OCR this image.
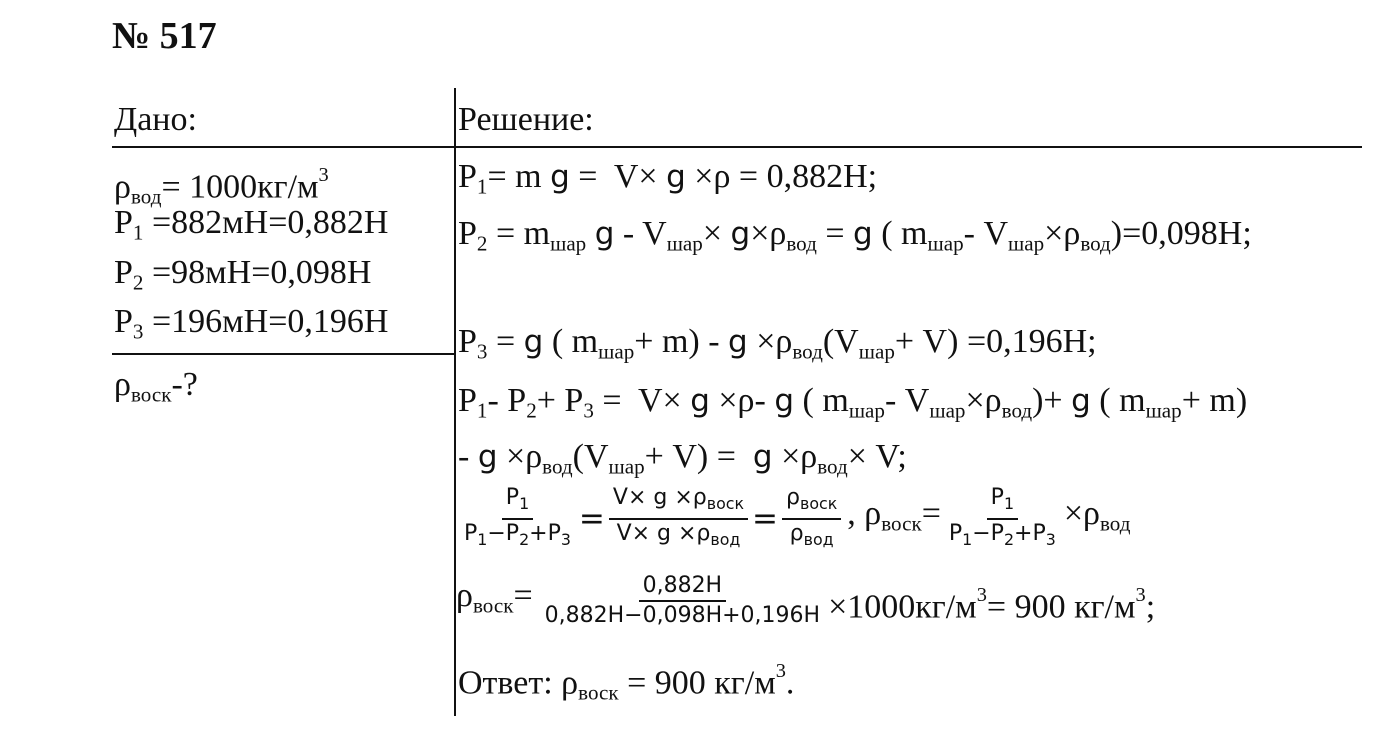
№ 517
Дано:
$\rho_{вод}= 1000кг/м^3$
$P_1 =882мН=0,882Н$
$P_2 =98мН=0,098Н$
$P_3 =196мН=0,196Н$
$\rho_{воск}-$?
Решение:
$P_1= m$ g =  V× g ×ρ = 0,882Н;
$P_2 = m_{шар}$ $g - V_{шар}\times g\times\rho_{вод} = g$ ( $m_{шар}-$ $V_{шар}\times\rho_{вод})=0,098Н$;
$P_3 = g$ ( $m_{шар}+ m) - g \times\rho_{вод}(V_{шар}+ V) =0,196Н$;
$P_1-$ $P_2+ P_3 = V\times g \times\rho-$ g ( $m_{шар}-$ $V_{шар}\times\rho_{вод})+ g$ ( $m_{шар}+ m$)
- $g \times\rho_{вод}(V_{шар}+ V) = g \times\rho_{вод}\times V$;
$\frac{P_1}{P_1-P_2+P_3} = \frac{V\times g \times\rho_{воск}}{V\times g \times\rho_{вод}} = \frac{\rho_{воск}}{\rho_{вод}}$ , $\rho_{воск}= \frac{P_1}{P_1-P_2+P_3} \times\rho_{вод}$
$\rho_{воск}= \frac{0,882Н}{0,882Н-0,098Н+0,196Н} \times 1000кг/м^3= 900$ $кг/м^3$;
Ответ: $\rho_{воск} = 900$ $кг/м^3$.
